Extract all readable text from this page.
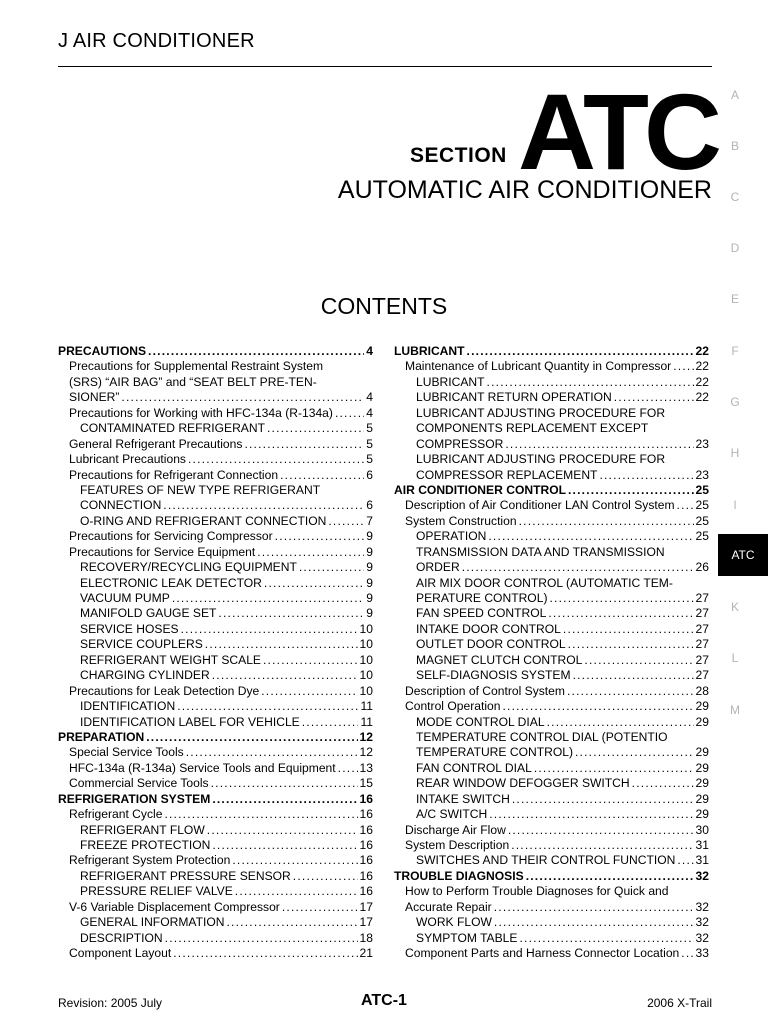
J AIR CONDITIONER
SECTION ATC
AUTOMATIC AIR CONDITIONER
CONTENTS
ATC
A
B
C
D
E
F
G
H
I
K
L
M
PRECAUTIONS .....	4
Precautions for Supplemental Restraint System
(SRS) “AIR BAG” and “SEAT BELT PRE-TEN-
SIONER” .....	4
Precautions for Working with HFC-134a (R-134a) .....	4
CONTAMINATED REFRIGERANT .....	5
General Refrigerant Precautions .....	5
Lubricant Precautions .....	5
Precautions for Refrigerant Connection .....	6
FEATURES OF NEW TYPE REFRIGERANT
CONNECTION .....	6
O-RING AND REFRIGERANT CONNECTION .....	7
Precautions for Servicing Compressor .....	9
Precautions for Service Equipment .....	9
RECOVERY/RECYCLING EQUIPMENT .....	9
ELECTRONIC LEAK DETECTOR .....	9
VACUUM PUMP .....	9
MANIFOLD GAUGE SET .....	9
SERVICE HOSES .....	10
SERVICE COUPLERS .....	10
REFRIGERANT WEIGHT SCALE .....	10
CHARGING CYLINDER .....	10
Precautions for Leak Detection Dye .....	10
IDENTIFICATION .....	11
IDENTIFICATION LABEL FOR VEHICLE .....	11
PREPARATION .....	12
Special Service Tools .....	12
HFC-134a (R-134a) Service Tools and Equipment ..... 13
Commercial Service Tools .....	15
REFRIGERATION SYSTEM .....	16
Refrigerant Cycle .....	16
REFRIGERANT FLOW .....	16
FREEZE PROTECTION .....	16
Refrigerant System Protection .....	16
REFRIGERANT PRESSURE SENSOR .....	16
PRESSURE RELIEF VALVE .....	16
V-6 Variable Displacement Compressor .....	17
GENERAL INFORMATION .....	17
DESCRIPTION .....	18
Component Layout .....	21
LUBRICANT .....	22
Maintenance of Lubricant Quantity in Compressor ..... 22
LUBRICANT .....	22
LUBRICANT RETURN OPERATION .....	22
LUBRICANT ADJUSTING PROCEDURE FOR
COMPONENTS REPLACEMENT EXCEPT
COMPRESSOR .....	23
LUBRICANT ADJUSTING PROCEDURE FOR
COMPRESSOR REPLACEMENT .....	23
AIR CONDITIONER CONTROL .....	25
Description of Air Conditioner LAN Control System ..... 25
System Construction .....	25
OPERATION .....	25
TRANSMISSION DATA AND TRANSMISSION
ORDER .....	26
AIR MIX DOOR CONTROL (AUTOMATIC TEM-
PERATURE CONTROL) .....	27
FAN SPEED CONTROL .....	27
INTAKE DOOR CONTROL .....	27
OUTLET DOOR CONTROL .....	27
MAGNET CLUTCH CONTROL .....	27
SELF-DIAGNOSIS SYSTEM .....	27
Description of Control System .....	28
Control Operation .....	29
MODE CONTROL DIAL .....	29
TEMPERATURE CONTROL DIAL (POTENTIO
TEMPERATURE CONTROL) .....	29
FAN CONTROL DIAL .....	29
REAR WINDOW DEFOGGER SWITCH .....	29
INTAKE SWITCH .....	29
A/C SWITCH .....	29
Discharge Air Flow .....	30
System Description .....	31
SWITCHES AND THEIR CONTROL FUNCTION ..... 31
TROUBLE DIAGNOSIS .....	32
How to Perform Trouble Diagnoses for Quick and
Accurate Repair .....	32
WORK FLOW .....	32
SYMPTOM TABLE .....	32
Component Parts and Harness Connector Location ..... 33
Revision: 2005 July	ATC-1	2006 X-Trail
